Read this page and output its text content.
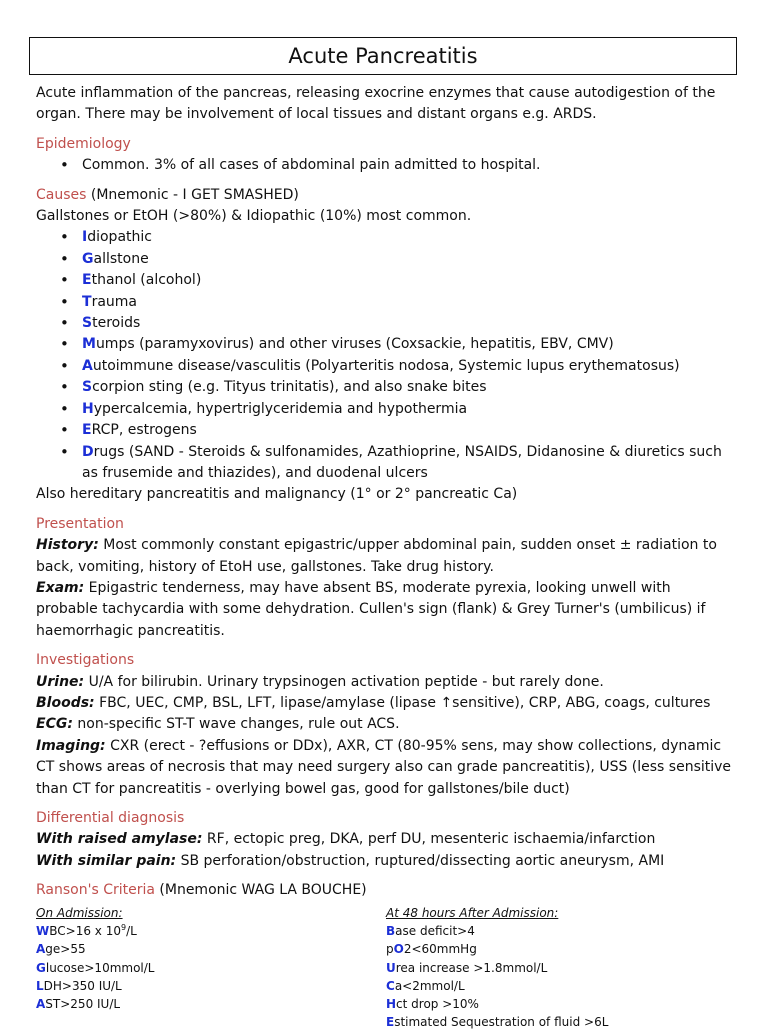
Acute Pancreatitis

Acute inflammation of the pancreas, releasing exocrine enzymes that cause autodigestion of the organ. There may be involvement of local tissues and distant organs e.g. ARDS.

Epidemiology

• Common. 3% of all cases of abdominal pain admitted to hospital.

Causes (Mnemonic - I GET SMASHED)

Gallstones or EtOH (>80%) & Idiopathic (10%) most common.

• Idiopathic
• Gallstone
• Ethanol (alcohol)
• Trauma
• Steroids
• Mumps (paramyxovirus) and other viruses (Coxsackie, hepatitis, EBV, CMV)
• Autoimmune disease/vasculitis (Polyarteritis nodosa, Systemic lupus erythematosus)
• Scorpion sting (e.g. Tityus trinitatis), and also snake bites
• Hypercalcemia, hypertriglyceridemia and hypothermia
• ERCP, estrogens
• Drugs (SAND - Steroids & sulfonamides, Azathioprine, NSAIDS, Didanosine & diuretics such as frusemide and thiazides), and duodenal ulcers

Also hereditary pancreatitis and malignancy (1° or 2° pancreatic Ca)

Presentation

History: Most commonly constant epigastric/upper abdominal pain, sudden onset ± radiation to back, vomiting, history of EtoH use, gallstones. Take drug history.

Exam: Epigastric tenderness, may have absent BS, moderate pyrexia, looking unwell with probable tachycardia with some dehydration. Cullen's sign (flank) & Grey Turner's (umbilicus) if haemorrhagic pancreatitis.

Investigations

Urine: U/A for bilirubin. Urinary trypsinogen activation peptide - but rarely done.

Bloods: FBC, UEC, CMP, BSL, LFT, lipase/amylase (lipase ↑sensitive), CRP, ABG, coags, cultures

ECG: non-specific ST-T wave changes, rule out ACS.

Imaging: CXR (erect - ?effusions or DDx), AXR, CT (80-95% sens, may show collections, dynamic CT shows areas of necrosis that may need surgery also can grade pancreatitis), USS (less sensitive than CT for pancreatitis - overlying bowel gas, good for gallstones/bile duct)

Differential diagnosis

With raised amylase: RF, ectopic preg, DKA, perf DU, mesenteric ischaemia/infarction

With similar pain: SB perforation/obstruction, ruptured/dissecting aortic aneurysm, AMI

Ranson's Criteria (Mnemonic WAG LA BOUCHE)

On Admission:
WBC>16 x $10^9/L$
Age>55
Glucose>10mmol/L
LDH>350 IU/L
AST>250 IU/L
At 48 hours After Admission:
Base deficit>4
pO2<60mmHg
Urea increase >1.8mmol/L
Ca<2mmol/L
Hct drop >10%
Estimated Sequestration of fluid >6L
